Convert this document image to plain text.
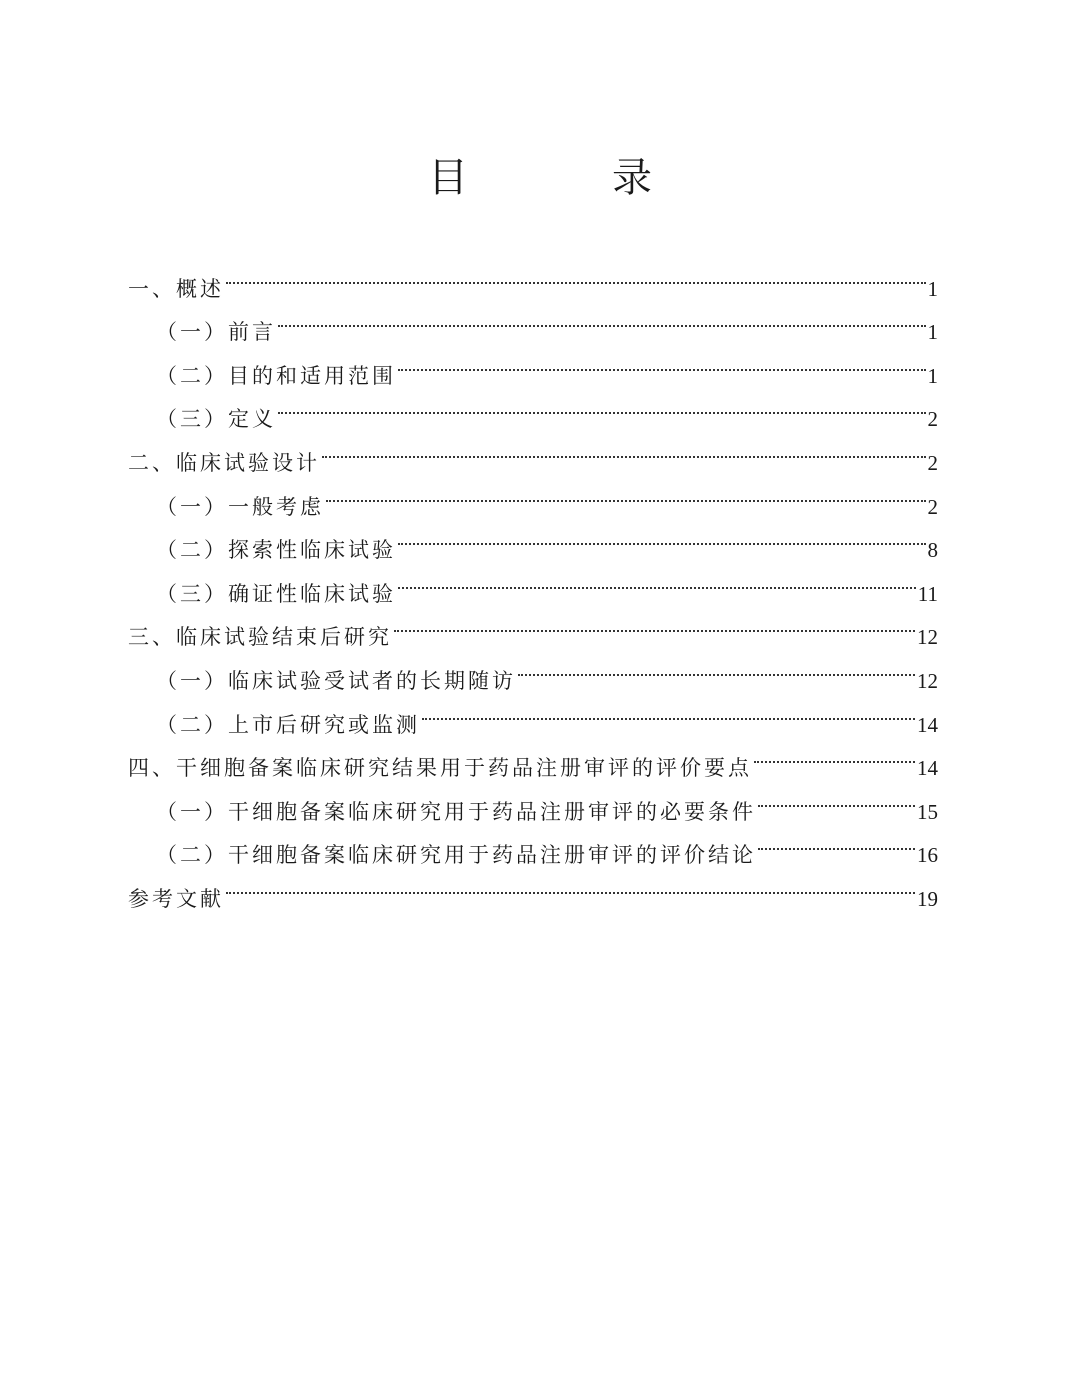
目　录
一、概述	1
（一）前言	1
（二）目的和适用范围	1
（三）定义	2
二、临床试验设计	2
（一）一般考虑	2
（二）探索性临床试验	8
（三）确证性临床试验	11
三、临床试验结束后研究	12
（一）临床试验受试者的长期随访	12
（二）上市后研究或监测	14
四、干细胞备案临床研究结果用于药品注册审评的评价要点	14
（一）干细胞备案临床研究用于药品注册审评的必要条件	15
（二）干细胞备案临床研究用于药品注册审评的评价结论	16
参考文献	19
